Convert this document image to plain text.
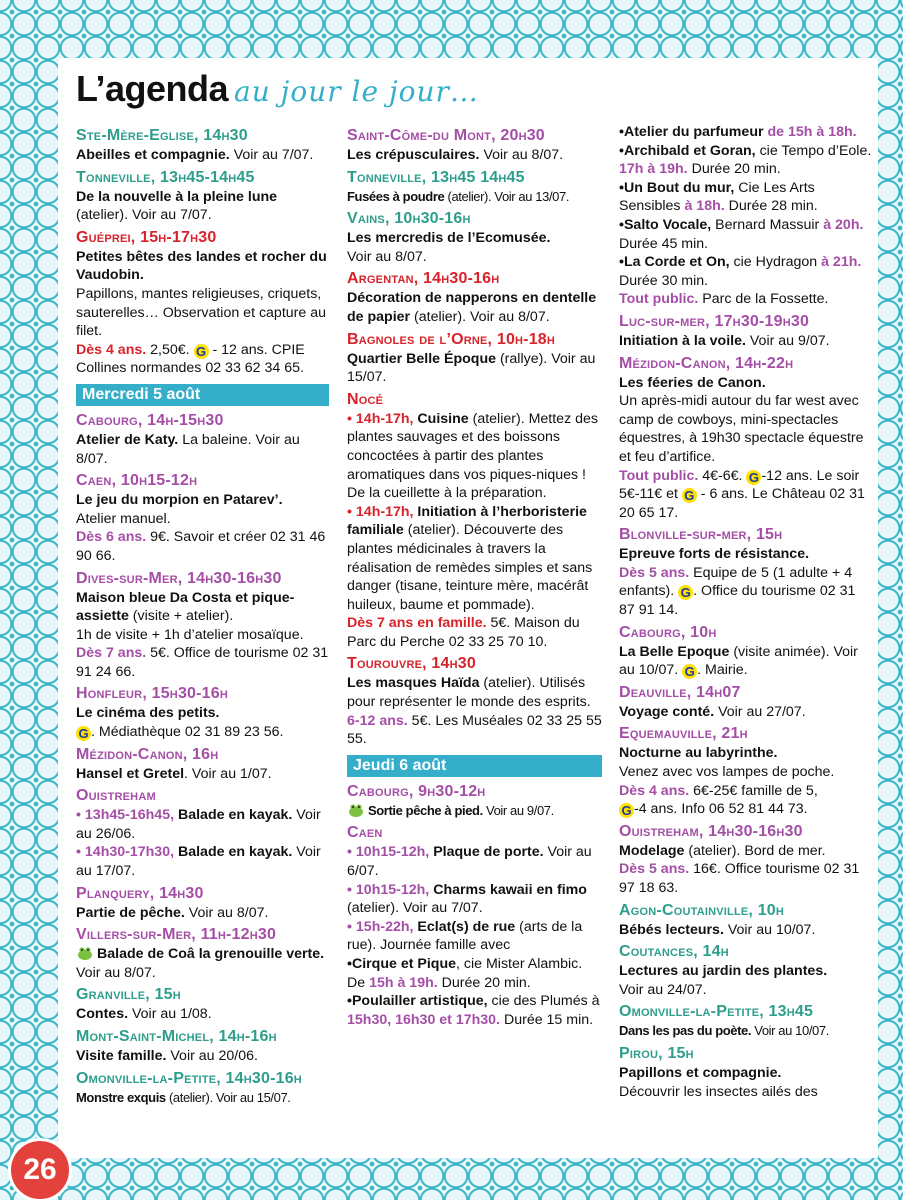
L’agenda au jour le jour…
Ste-Mère-Eglise, 14h30
Abeilles et compagnie. Voir au 7/07.
Tonneville, 13h45-14h45
De la nouvelle à la pleine lune
(atelier). Voir au 7/07.
Guéprei, 15h-17h30
Petites bêtes des landes et rocher du Vaudobin.
Papillons, mantes religieuses, criquets, sauterelles… Observation et capture au filet.
Dès 4 ans. 2,50€. G - 12 ans. CPIE Collines normandes 02 33 62 34 65.
Mercredi 5 août
Cabourg, 14h-15h30
Atelier de Katy. La baleine. Voir au 8/07.
Caen, 10h15-12h
Le jeu du morpion en Patarev’.
Atelier manuel.
Dès 6 ans. 9€. Savoir et créer 02 31 46 90 66.
Dives-sur-Mer, 14h30-16h30
Maison bleue Da Costa et pique-assiette (visite + atelier).
1h de visite + 1h d’atelier mosaïque.
Dès 7 ans. 5€. Office de tourisme 02 31 91 24 66.
Honfleur, 15h30-16h
Le cinéma des petits.
G . Médiathèque 02 31 89 23 56.
Mézidon-Canon, 16h
Hansel et Gretel. Voir au 1/07.
Ouistreham
• 13h45-16h45, Balade en kayak. Voir au 26/06.
• 14h30-17h30, Balade en kayak. Voir au 17/07.
Planquery, 14h30
Partie de pêche. Voir au 8/07.
Villers-sur-Mer, 11h-12h30
Balade de Coâ la grenouille verte. Voir au 8/07.
Granville, 15h
Contes. Voir au 1/08.
Mont-Saint-Michel, 14h-16h
Visite famille. Voir au 20/06.
Omonville-la-Petite, 14h30-16h
Monstre exquis (atelier). Voir au 15/07.
Saint-Côme-du Mont, 20h30
Les crépusculaires. Voir au 8/07.
Tonneville, 13h45 14h45
Fusées à poudre (atelier). Voir au 13/07.
Vains, 10h30-16h
Les mercredis de l’Ecomusée.
Voir au 8/07.
Argentan, 14h30-16h
Décoration de napperons en dentelle de papier (atelier). Voir au 8/07.
Bagnoles de l’Orne, 10h-18h
Quartier Belle Époque (rallye). Voir au 15/07.
Nocé
• 14h-17h, Cuisine (atelier). Mettez des plantes sauvages et des boissons concoctées à partir des plantes aromatiques dans vos piques-niques ! De la cueillette à la préparation.
• 14h-17h, Initiation à l’herboristerie familiale (atelier). Découverte des plantes médicinales à travers la réalisation de remèdes simples et sans danger (tisane, teinture mère, macérât huileux, baume et pommade).
Dès 7 ans en famille. 5€. Maison du Parc du Perche 02 33 25 70 10.
Tourouvre, 14h30
Les masques Haïda (atelier). Utilisés pour représenter le monde des esprits. 6-12 ans. 5€. Les Muséales 02 33 25 55 55.
Jeudi 6 août
Cabourg, 9h30-12h
Sortie pêche à pied. Voir au 9/07.
Caen
• 10h15-12h, Plaque de porte. Voir au 6/07.
• 10h15-12h, Charms kawaii en fimo (atelier). Voir au 7/07.
• 15h-22h, Eclat(s) de rue (arts de la rue). Journée famille avec
•Cirque et Pique, cie Mister Alambic. De 15h à 19h. Durée 20 min.
•Poulailler artistique, cie des Plumés à 15h30, 16h30 et 17h30. Durée 15 min.
•Atelier du parfumeur de 15h à 18h.
•Archibald et Goran, cie Tempo d’Eole. 17h à 19h. Durée 20 min.
•Un Bout du mur, Cie Les Arts Sensibles à 18h. Durée 28 min.
•Salto Vocale, Bernard Massuir à 20h. Durée 45 min.
•La Corde et On, cie Hydragon à 21h. Durée 30 min.
Tout public. Parc de la Fossette.
Luc-sur-mer, 17h30-19h30
Initiation à la voile. Voir au 9/07.
Mézidon-Canon, 14h-22h
Les féeries de Canon.
Un après-midi autour du far west avec camp de cowboys, mini-spectacles équestres, à 19h30 spectacle équestre et feu d’artifice.
Tout public. 4€-6€. G -12 ans. Le soir 5€-11€ et G - 6 ans. Le Château 02 31 20 65 17.
Blonville-sur-mer, 15h
Epreuve forts de résistance.
Dès 5 ans. Equipe de 5 (1 adulte + 4 enfants). G . Office du tourisme 02 31 87 91 14.
Cabourg, 10h
La Belle Epoque (visite animée). Voir au 10/07. G . Mairie.
Deauville, 14h07
Voyage conté. Voir au 27/07.
Equemauville, 21h
Nocturne au labyrinthe.
Venez avec vos lampes de poche.
Dès 4 ans. 6€-25€ famille de 5,
G -4 ans. Info 06 52 81 44 73.
Ouistreham, 14h30-16h30
Modelage (atelier). Bord de mer.
Dès 5 ans. 16€. Office tourisme 02 31 97 18 63.
Agon-Coutainville, 10h
Bébés lecteurs. Voir au 10/07.
Coutances, 14h
Lectures au jardin des plantes.
Voir au 24/07.
Omonville-la-Petite, 13h45
Dans les pas du poète. Voir au 10/07.
Pirou, 15h
Papillons et compagnie.
Découvrir les insectes ailés des
26
